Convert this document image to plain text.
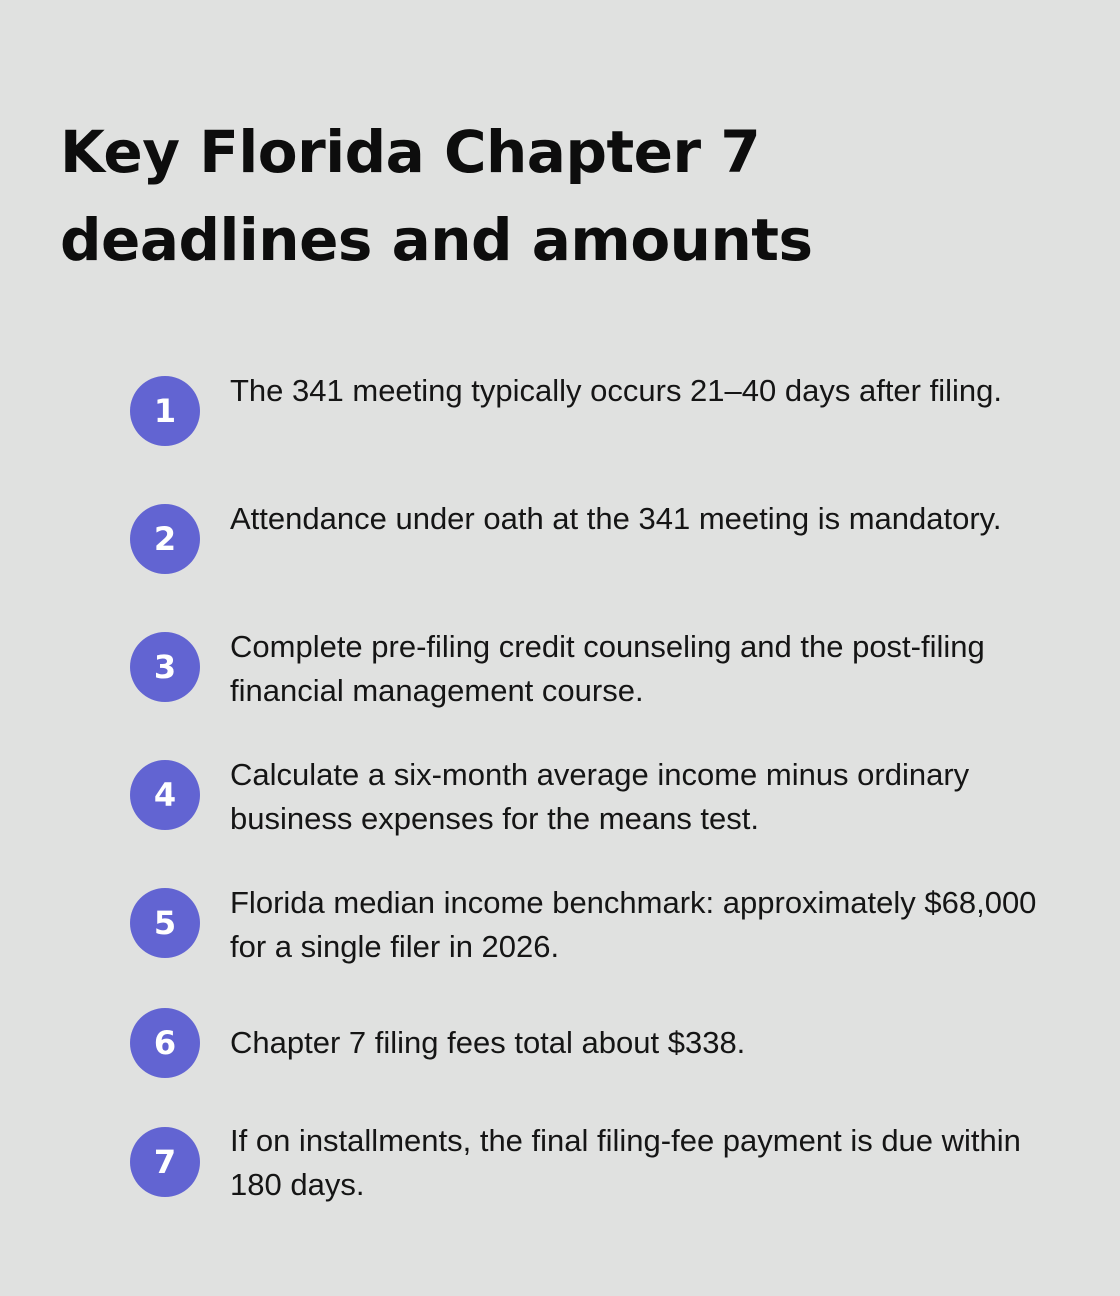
Key Florida Chapter 7 deadlines and amounts
1
The 341 meeting typically occurs 21–40 days after filing.
2
Attendance under oath at the 341 meeting is mandatory.
3
Complete pre-filing credit counseling and the post-filing financial management course.
4
Calculate a six-month average income minus ordinary business expenses for the means test.
5
Florida median income benchmark: approximately $68,000 for a single filer in 2026.
6	Chapter 7 filing fees total about $338.
7
If on installments, the final filing-fee payment is due within 180 days.
